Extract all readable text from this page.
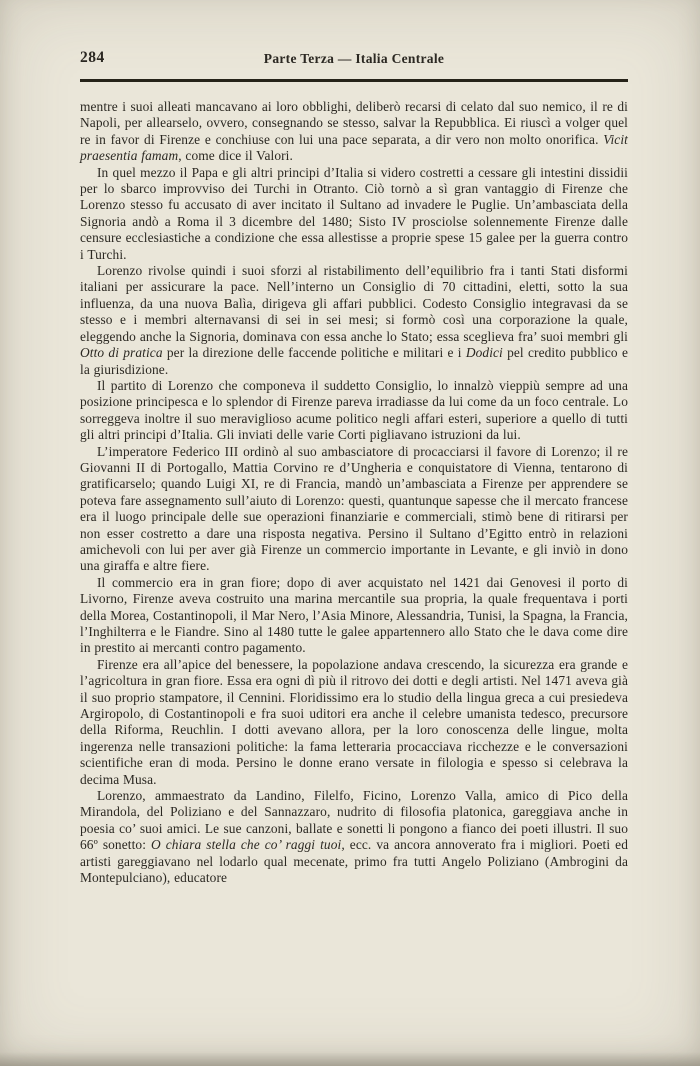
284	Parte Terza — Italia Centrale

mentre i suoi alleati mancavano ai loro obblighi, deliberò recarsi di celato dal suo nemico, il re di Napoli, per allearselo, ovvero, consegnando se stesso, salvar la Repubblica. Ei riuscì a volger quel re in favor di Firenze e conchiuse con lui una pace separata, a dir vero non molto onorifica. Vicit praesentia famam, come dice il Valori.

In quel mezzo il Papa e gli altri principi d’Italia si videro costretti a cessare gli intestini dissidii per lo sbarco improvviso dei Turchi in Otranto. Ciò tornò a sì gran vantaggio di Firenze che Lorenzo stesso fu accusato di aver incitato il Sultano ad invadere le Puglie. Un’ambasciata della Signoria andò a Roma il 3 dicembre del 1480; Sisto IV prosciolse solennemente Firenze dalle censure ecclesiastiche a condizione che essa allestisse a proprie spese 15 galee per la guerra contro i Turchi.

Lorenzo rivolse quindi i suoi sforzi al ristabilimento dell’equilibrio fra i tanti Stati disformi italiani per assicurare la pace. Nell’interno un Consiglio di 70 cittadini, eletti, sotto la sua influenza, da una nuova Balìa, dirigeva gli affari pubblici. Codesto Consiglio integravasi da se stesso e i membri alternavansi di sei in sei mesi; si formò così una corporazione la quale, eleggendo anche la Signoria, dominava con essa anche lo Stato; essa sceglieva fra’ suoi membri gli Otto di pratica per la direzione delle faccende politiche e militari e i Dodici pel credito pubblico e la giurisdizione.

Il partito di Lorenzo che componeva il suddetto Consiglio, lo innalzò vieppiù sempre ad una posizione principesca e lo splendor di Firenze pareva irradiasse da lui come da un foco centrale. Lo sorreggeva inoltre il suo meraviglioso acume politico negli affari esteri, superiore a quello di tutti gli altri principi d’Italia. Gli inviati delle varie Corti pigliavano istruzioni da lui.

L’imperatore Federico III ordinò al suo ambasciatore di procacciarsi il favore di Lorenzo; il re Giovanni II di Portogallo, Mattia Corvino re d’Ungheria e conquistatore di Vienna, tentarono di gratificarselo; quando Luigi XI, re di Francia, mandò un’ambasciata a Firenze per apprendere se poteva fare assegnamento sull’aiuto di Lorenzo: questi, quantunque sapesse che il mercato francese era il luogo principale delle sue operazioni finanziarie e commerciali, stimò bene di ritirarsi per non esser costretto a dare una risposta negativa. Persino il Sultano d’Egitto entrò in relazioni amichevoli con lui per aver già Firenze un commercio importante in Levante, e gli inviò in dono una giraffa e altre fiere.

Il commercio era in gran fiore; dopo di aver acquistato nel 1421 dai Genovesi il porto di Livorno, Firenze aveva costruito una marina mercantile sua propria, la quale frequentava i porti della Morea, Costantinopoli, il Mar Nero, l’Asia Minore, Alessandria, Tunisi, la Spagna, la Francia, l’Inghilterra e le Fiandre. Sino al 1480 tutte le galee appartennero allo Stato che le dava come dire in prestito ai mercanti contro pagamento.

Firenze era all’apice del benessere, la popolazione andava crescendo, la sicurezza era grande e l’agricoltura in gran fiore. Essa era ogni dì più il ritrovo dei dotti e degli artisti. Nel 1471 aveva già il suo proprio stampatore, il Cennini. Floridissimo era lo studio della lingua greca a cui presiedeva Argiropolo, di Costantinopoli e fra suoi uditori era anche il celebre umanista tedesco, precursore della Riforma, Reuchlin. I dotti avevano allora, per la loro conoscenza delle lingue, molta ingerenza nelle transazioni politiche: la fama letteraria procacciava ricchezze e le conversazioni scientifiche eran di moda. Persino le donne erano versate in filologia e spesso si celebrava la decima Musa.

Lorenzo, ammaestrato da Landino, Filelfo, Ficino, Lorenzo Valla, amico di Pico della Mirandola, del Poliziano e del Sannazzaro, nudrito di filosofia platonica, gareggiava anche in poesia co’ suoi amici. Le sue canzoni, ballate e sonetti li pongono a fianco dei poeti illustri. Il suo 66º sonetto: O chiara stella che co’ raggi tuoi, ecc. va ancora annoverato fra i migliori. Poeti ed artisti gareggiavano nel lodarlo qual mecenate, primo fra tutti Angelo Poliziano (Ambrogini da Montepulciano), educatore
